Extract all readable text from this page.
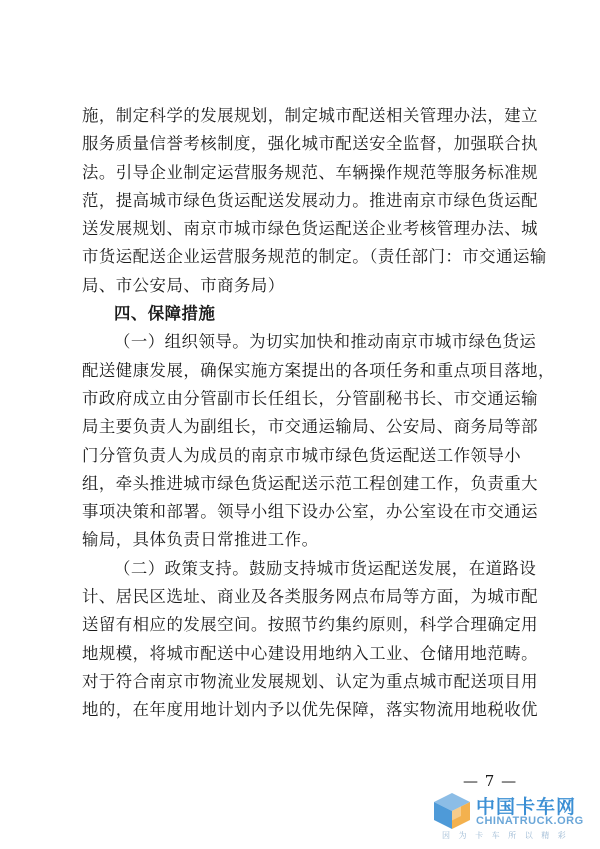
施，制定科学的发展规划，制定城市配送相关管理办法，建立
服务质量信誉考核制度，强化城市配送安全监督，加强联合执
法。引导企业制定运营服务规范、车辆操作规范等服务标准规
范，提高城市绿色货运配送发展动力。推进南京市绿色货运配
送发展规划、南京市城市绿色货运配送企业考核管理办法、城
市货运配送企业运营服务规范的制定。（责任部门：市交通运输
局、市公安局、市商务局）
四、保障措施
（一）组织领导。为切实加快和推动南京市城市绿色货运
配送健康发展，确保实施方案提出的各项任务和重点项目落地，
市政府成立由分管副市长任组长，分管副秘书长、市交通运输
局主要负责人为副组长，市交通运输局、公安局、商务局等部
门分管负责人为成员的南京市城市绿色货运配送工作领导小
组，牵头推进城市绿色货运配送示范工程创建工作，负责重大
事项决策和部署。领导小组下设办公室，办公室设在市交通运
输局，具体负责日常推进工作。
（二）政策支持。鼓励支持城市货运配送发展，在道路设
计、居民区选址、商业及各类服务网点布局等方面，为城市配
送留有相应的发展空间。按照节约集约原则，科学合理确定用
地规模，将城市配送中心建设用地纳入工业、仓储用地范畴。
对于符合南京市物流业发展规划、认定为重点城市配送项目用
地的，在年度用地计划内予以优先保障，落实物流用地税收优
— 7 —
中国卡车网
CHINATRUCK.ORG
因 为 卡 车 所 以 精 彩
